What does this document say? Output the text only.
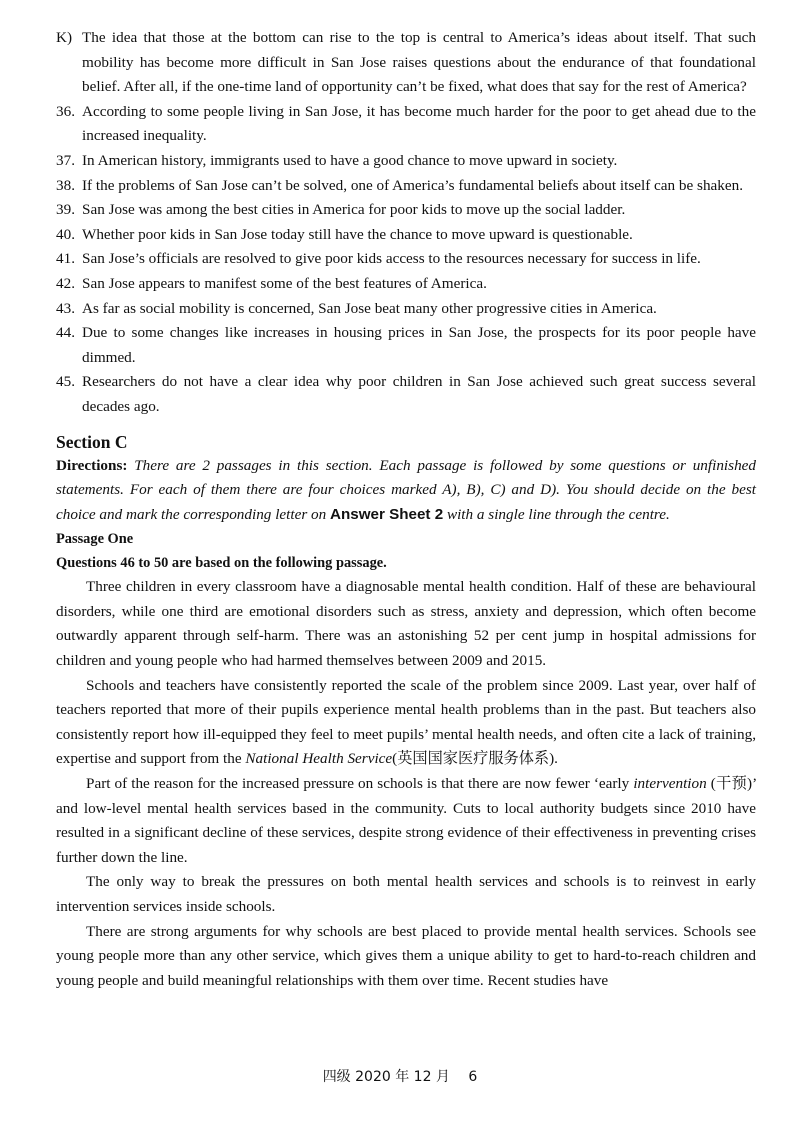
K) The idea that those at the bottom can rise to the top is central to America’s ideas about itself. That such mobility has become more difficult in San Jose raises questions about the endurance of that foundational belief. After all, if the one-time land of opportunity can’t be fixed, what does that say for the rest of America?
36. According to some people living in San Jose, it has become much harder for the poor to get ahead due to the increased inequality.
37. In American history, immigrants used to have a good chance to move upward in society.
38. If the problems of San Jose can’t be solved, one of America’s fundamental beliefs about itself can be shaken.
39. San Jose was among the best cities in America for poor kids to move up the social ladder.
40. Whether poor kids in San Jose today still have the chance to move upward is questionable.
41. San Jose’s officials are resolved to give poor kids access to the resources necessary for success in life.
42. San Jose appears to manifest some of the best features of America.
43. As far as social mobility is concerned, San Jose beat many other progressive cities in America.
44. Due to some changes like increases in housing prices in San Jose, the prospects for its poor people have dimmed.
45. Researchers do not have a clear idea why poor children in San Jose achieved such great success several decades ago.
Section C
Directions: There are 2 passages in this section. Each passage is followed by some questions or unfinished statements. For each of them there are four choices marked A), B), C) and D). You should decide on the best choice and mark the corresponding letter on Answer Sheet 2 with a single line through the centre.
Passage One
Questions 46 to 50 are based on the following passage.

Three children in every classroom have a diagnosable mental health condition. Half of these are behavioural disorders, while one third are emotional disorders such as stress, anxiety and depression, which often become outwardly apparent through self-harm. There was an astonishing 52 per cent jump in hospital admissions for children and young people who had harmed themselves between 2009 and 2015.

Schools and teachers have consistently reported the scale of the problem since 2009. Last year, over half of teachers reported that more of their pupils experience mental health problems than in the past. But teachers also consistently report how ill-equipped they feel to meet pupils’ mental health needs, and often cite a lack of training, expertise and support from the National Health Service(英国国家医疗服务体系).

Part of the reason for the increased pressure on schools is that there are now fewer ‘early intervention (干预)’ and low-level mental health services based in the community. Cuts to local authority budgets since 2010 have resulted in a significant decline of these services, despite strong evidence of their effectiveness in preventing crises further down the line.

The only way to break the pressures on both mental health services and schools is to reinvest in early intervention services inside schools.

There are strong arguments for why schools are best placed to provide mental health services. Schools see young people more than any other service, which gives them a unique ability to get to hard-to-reach children and young people and build meaningful relationships with them over time. Recent studies have

四级 2020 年 12 月 6
